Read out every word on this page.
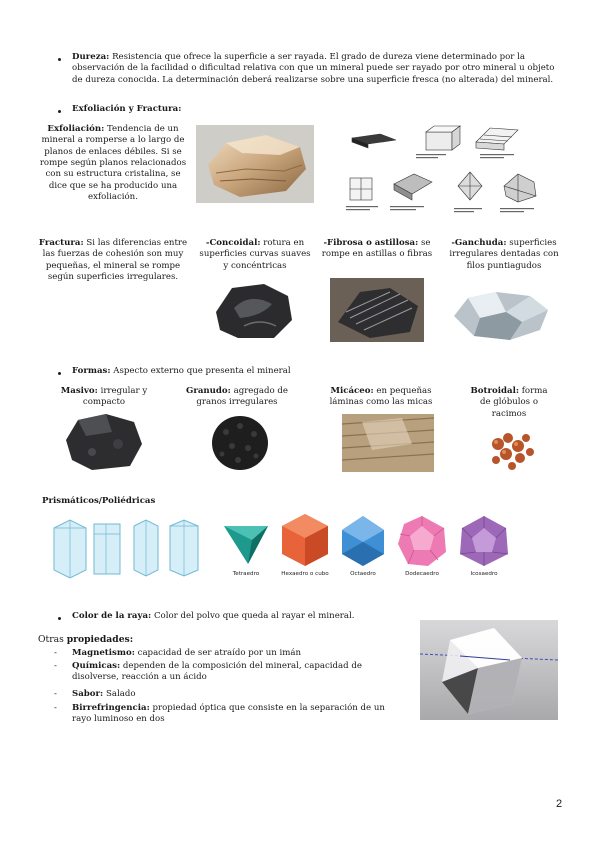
Dureza: Resistencia que ofrece la superficie a ser rayada. El grado de dureza viene determinado por la observación de la facilidad o dificultad relativa con que un mineral puede ser rayado por otro mineral u objeto de dureza conocida. La determinación deberá realizarse sobre una superficie fresca (no alterada) del mineral.
Exfoliación y Fractura:
Exfoliación: Tendencia de un mineral a romperse a lo largo de planos de enlaces débiles. Si se rompe según planos relacionados con su estructura cristalina, se dice que se ha producido una exfoliación.
Fractura: Si las diferencias entre las fuerzas de cohesión son muy pequeñas, el mineral se rompe según superficies irregulares.
-Concoidal: rotura en superficies curvas suaves y concéntricas
-Fibrosa o astillosa: se rompe en astillas o fibras
-Ganchuda: superficies irregulares dentadas con filos puntiagudos
Formas: Aspecto externo que presenta el mineral
Masivo: irregular y compacto
Granudo: agregado de granos irregulares
Micáceo: en pequeñas láminas como las micas
Botroidal: forma de glóbulos o racimos
Prismáticos/Poliédricas
Tetraedro	Hexaedro o cubo	Octaedro	Dodecaedro	Icosaedro
Color de la raya: Color del polvo que queda al rayar el mineral.
Otras propiedades:
- Magnetismo: capacidad de ser atraído por un imán
- Químicas: dependen de la composición del mineral, capacidad de disolverse, reacción a un ácido
- Sabor: Salado
- Birrefringencia: propiedad óptica que consiste en la separación de un rayo luminoso en dos
2
